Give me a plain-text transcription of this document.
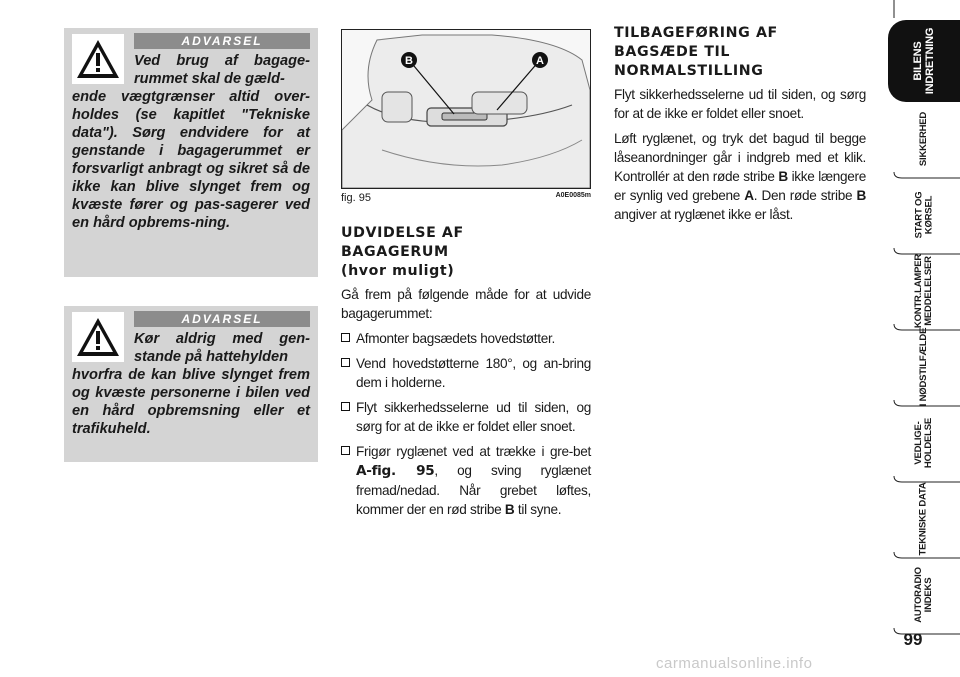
ADVARSEL
Ved brug af bagage-rummet skal de gæld-
ende vægtgrænser altid over-holdes (se kapitlet "Tekniske data"). Sørg endvidere for at genstande i bagagerummet er forsvarligt anbragt og sikret så de ikke kan blive slynget frem og kvæste fører og pas-sagerer ved en hård opbrems-ning.
ADVARSEL
Kør aldrig med gen-stande på hattehylden
hvorfra de kan blive slynget frem og kvæste personerne i bilen ved en hård opbremsning eller et trafikuheld.
B	A
fig. 95	A0E0085m
UDVIDELSE AF
BAGAGERUM
(hvor muligt)

Gå frem på følgende måde for at udvide bagagerummet:

Afmonter bagsædets hovedstøtter.
Vend hovedstøtterne 180°, og an-bring dem i holderne.
Flyt sikkerhedsselerne ud til siden, og sørg for at de ikke er foldet eller snoet.
Frigør ryglænet ved at trække i gre-bet A-fig. 95, og sving ryglænet fremad/nedad. Når grebet løftes, kommer der en rød stribe B til syne.
TILBAGEFØRING AF
BAGSÆDE TIL
NORMALSTILLING

Flyt sikkerhedsselerne ud til siden, og sørg for at de ikke er foldet eller snoet.

Løft ryglænet, og tryk det bagud til begge låseanordninger går i indgreb med et klik. Kontrollér at den røde stribe B ikke længere er synlig ved grebene A. Den røde stribe B angiver at ryglænet ikke er låst.

BILENS
INDRETNING
SIKKERHED
START OG
KØRSEL
KONTR.LAMPER
MEDDELELSER
I NØDSTILFÆLDE
VEDLIGE-
HOLDELSE
TEKNISKE DATA
AUTORADIO
INDEKS
99
carmanualsonline.info
